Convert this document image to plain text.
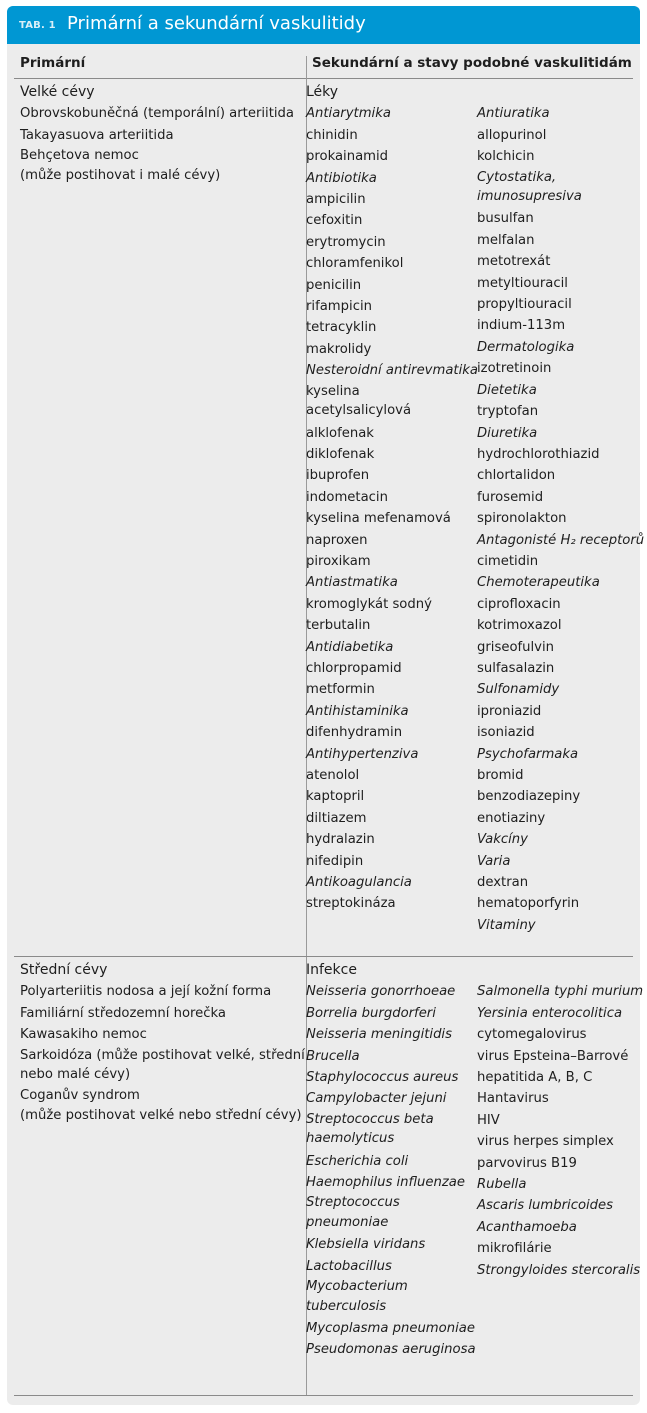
TAB. 1 Primární a sekundární vaskulitidy
Primární	Sekundární a stavy podobné vaskulitidám
Velké cévy
Obrovskobuněčná (temporální) arteriitida
Takayasuova arteriitida
Behçetova nemoc
(může postihovat i malé cévy)
Léky
Antiarytmika
chinidin
prokainamid
Antibiotika
ampicilin
cefoxitin
erytromycin
chloramfenikol
penicilin
rifampicin
tetracyklin
makrolidy
Nesteroidní antirevmatika
kyselina
acetylsalicylová
alklofenak
diklofenak
ibuprofen
indometacin
kyselina mefenamová
naproxen
piroxikam
Antiastmatika
kromoglykát sodný
terbutalin
Antidiabetika
chlorpropamid
metformin
Antihistaminika
difenhydramin
Antihypertenziva
atenolol
kaptopril
diltiazem
hydralazin
nifedipin
Antikoagulancia
streptokináza

Antiuratika
allopurinol
kolchicin
Cytostatika,
imunosupresiva
busulfan
melfalan
metotrexát
metyltiouracil
propyltiouracil
indium-113m
Dermatologika
izotretinoin
Dietetika
tryptofan
Diuretika
hydrochlorothiazid
chlortalidon
furosemid
spironolakton
Antagonisté H₂ receptorů
cimetidin
Chemoterapeutika
ciprofloxacin
kotrimoxazol
griseofulvin
sulfasalazin
Sulfonamidy
iproniazid
isoniazid
Psychofarmaka
bromid
benzodiazepiny
enotiaziny
Vakcíny
Varia
dextran
hematoporfyrin
Vitaminy
Střední cévy
Polyarteriitis nodosa a její kožní forma
Familiární středozemní horečka
Kawasakiho nemoc
Sarkoidóza (může postihovat velké, střední
nebo malé cévy)
Coganův syndrom
(může postihovat velké nebo střední cévy)
Infekce
Neisseria gonorrhoeae
Borrelia burgdorferi
Neisseria meningitidis
Brucella
Staphylococcus aureus
Campylobacter jejuni
Streptococcus beta
haemolyticus
Escherichia coli
Haemophilus influenzae
Streptococcus
pneumoniae
Klebsiella viridans
Lactobacillus
Mycobacterium
tuberculosis
Mycoplasma pneumoniae
Pseudomonas aeruginosa

Salmonella typhi murium
Yersinia enterocolitica
cytomegalovirus
virus Epsteina–Barrové
hepatitida A, B, C
Hantavirus
HIV
virus herpes simplex
parvovirus B19
Rubella
Ascaris lumbricoides
Acanthamoeba
mikrofilárie
Strongyloides stercoralis
